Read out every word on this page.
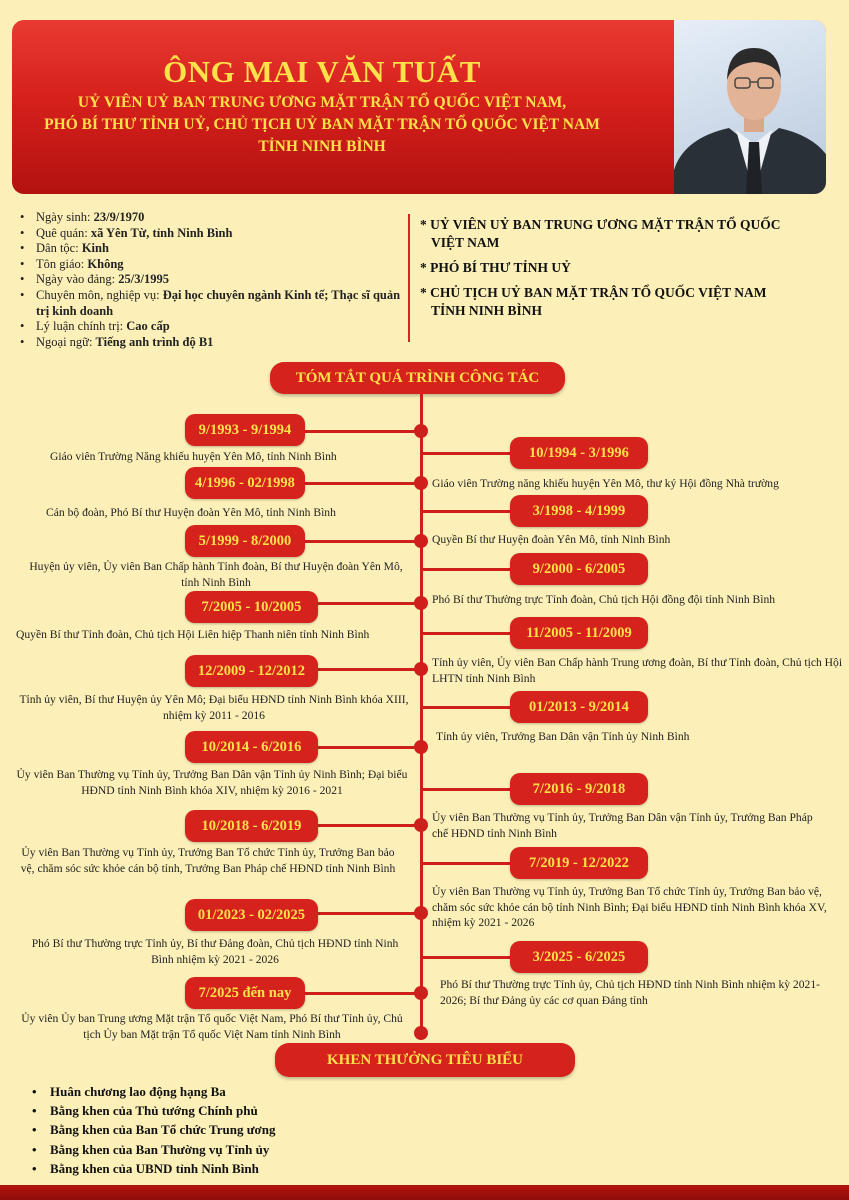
ÔNG MAI VĂN TUẤT
UỶ VIÊN UỶ BAN TRUNG ƯƠNG MẶT TRẬN TỔ QUỐC VIỆT NAM,
PHÓ BÍ THƯ TỈNH UỶ, CHỦ TỊCH UỶ BAN MẶT TRẬN TỔ QUỐC VIỆT NAM
TỈNH NINH BÌNH
• Ngày sinh: 23/9/1970
• Quê quán: xã Yên Từ, tỉnh Ninh Bình
• Dân tộc: Kinh
• Tôn giáo: Không
• Ngày vào đảng: 25/3/1995
• Chuyên môn, nghiệp vụ: Đại học chuyên ngành Kinh tế; Thạc sĩ quản trị kinh doanh
• Lý luận chính trị: Cao cấp
• Ngoại ngữ: Tiếng anh trình độ B1
* UỶ VIÊN UỶ BAN TRUNG ƯƠNG MẶT TRẬN TỔ QUỐC
VIỆT NAM
* PHÓ BÍ THƯ TỈNH UỶ
* CHỦ TỊCH UỶ BAN MẶT TRẬN TỔ QUỐC VIỆT NAM
TỈNH NINH BÌNH
TÓM TẮT QUÁ TRÌNH CÔNG TÁC
9/1993 - 9/1994
Giáo viên Trường Năng khiếu huyện Yên Mô, tỉnh Ninh Bình
4/1996 - 02/1998
Cán bộ đoàn, Phó Bí thư Huyện đoàn Yên Mô, tỉnh Ninh Bình
5/1999 - 8/2000
Huyện ủy viên, Ủy viên Ban Chấp hành Tỉnh đoàn, Bí thư Huyện đoàn Yên Mô, tỉnh Ninh Bình
7/2005 - 10/2005
Quyền Bí thư Tỉnh đoàn, Chủ tịch Hội Liên hiệp Thanh niên tỉnh Ninh Bình
12/2009 - 12/2012
Tỉnh ủy viên, Bí thư Huyện ủy Yên Mô; Đại biểu HĐND tỉnh Ninh Bình khóa XIII, nhiệm kỳ 2011 - 2016
10/2014 - 6/2016
Ủy viên Ban Thường vụ Tỉnh ủy, Trưởng Ban Dân vận Tỉnh ủy Ninh Bình; Đại biểu HĐND tỉnh Ninh Bình khóa XIV, nhiệm kỳ 2016 - 2021
10/2018 - 6/2019
Ủy viên Ban Thường vụ Tỉnh ủy, Trưởng Ban Tổ chức Tỉnh ủy, Trưởng Ban bảo vệ, chăm sóc sức khỏe cán bộ tỉnh, Trưởng Ban Pháp chế HĐND tỉnh Ninh Bình
01/2023 - 02/2025
Phó Bí thư Thường trực Tỉnh ủy, Bí thư Đảng đoàn, Chủ tịch HĐND tỉnh Ninh Bình nhiệm kỳ 2021 - 2026
7/2025 đến nay
Ủy viên Ủy ban Trung ương Mặt trận Tổ quốc Việt Nam, Phó Bí thư Tỉnh ủy, Chủ tịch Ủy ban Mặt trận Tổ quốc Việt Nam tỉnh Ninh Bình
10/1994 - 3/1996
Giáo viên Trường năng khiếu huyện Yên Mô, thư ký Hội đồng Nhà trường
3/1998 - 4/1999
Quyền Bí thư Huyện đoàn Yên Mô, tỉnh Ninh Bình
9/2000 - 6/2005
Phó Bí thư Thường trực Tỉnh đoàn, Chủ tịch Hội đồng đội tỉnh Ninh Bình
11/2005 - 11/2009
Tỉnh ủy viên, Ủy viên Ban Chấp hành Trung ương đoàn, Bí thư Tỉnh đoàn, Chủ tịch Hội LHTN tỉnh Ninh Bình
01/2013 - 9/2014
Tỉnh ủy viên, Trưởng Ban Dân vận Tỉnh ủy Ninh Bình
7/2016 - 9/2018
Ủy viên Ban Thường vụ Tỉnh ủy, Trưởng Ban Dân vận Tỉnh ủy, Trưởng Ban Pháp chế HĐND tỉnh Ninh Bình
7/2019 - 12/2022
Ủy viên Ban Thường vụ Tỉnh ủy, Trưởng Ban Tổ chức Tỉnh ủy, Trưởng Ban bảo vệ, chăm sóc sức khỏe cán bộ tỉnh Ninh Bình; Đại biểu HĐND tỉnh Ninh Bình khóa XV, nhiệm kỳ 2021 - 2026
3/2025 - 6/2025
Phó Bí thư Thường trực Tỉnh ủy, Chủ tịch HĐND tỉnh Ninh Bình nhiệm kỳ 2021-2026; Bí thư Đảng ủy các cơ quan Đảng tỉnh
KHEN THƯỞNG TIÊU BIỂU
• Huân chương lao động hạng Ba
• Bằng khen của Thủ tướng Chính phủ
• Bằng khen của Ban Tổ chức Trung ương
• Bằng khen của Ban Thường vụ Tỉnh ủy
• Bằng khen của UBND tỉnh Ninh Bình
